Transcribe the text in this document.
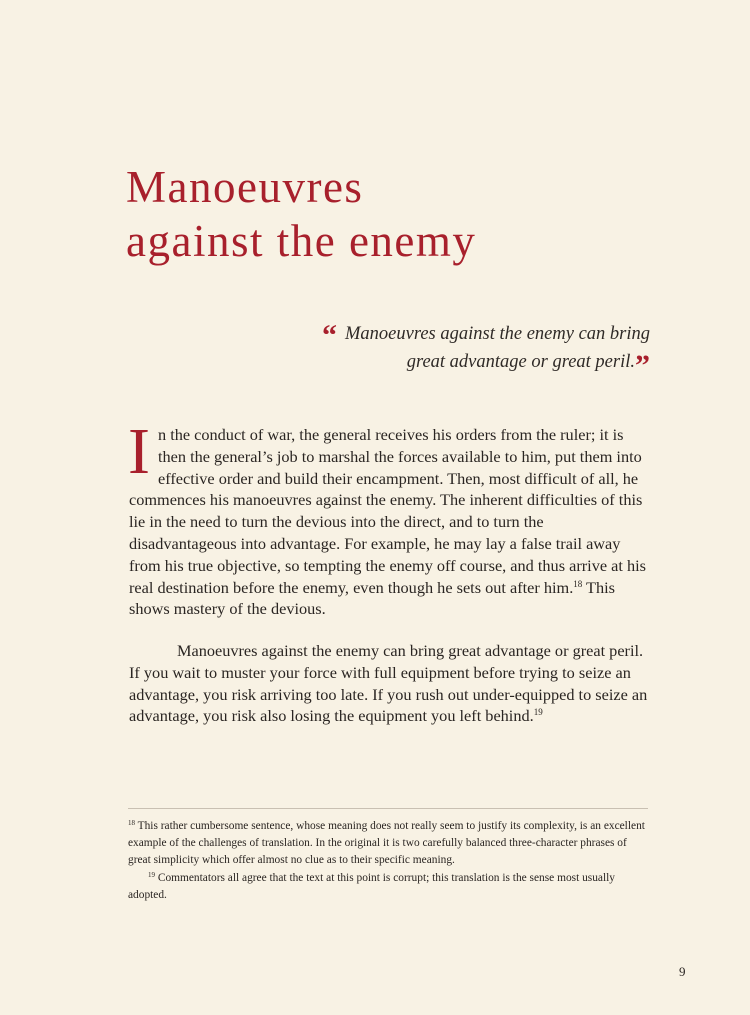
Manoeuvres
against the enemy

“ Manoeuvres against the enemy can bring great advantage or great peril.”

In the conduct of war, the general receives his orders from the ruler; it is then the general’s job to marshal the forces available to him, put them into effective order and build their encampment. Then, most difficult of all, he commences his manoeuvres against the enemy. The inherent difficulties of this lie in the need to turn the devious into the direct, and to turn the disadvantageous into advantage. For example, he may lay a false trail away from his true objective, so tempting the enemy off course, and thus arrive at his real destination before the enemy, even though he sets out after him.$^{18}$ This shows mastery of the devious.

Manoeuvres against the enemy can bring great advantage or great peril. If you wait to muster your force with full equipment before trying to seize an advantage, you risk arriving too late. If you rush out under-equipped to seize an advantage, you risk also losing the equipment you left behind.$^{19}$

$^{18}$ This rather cumbersome sentence, whose meaning does not really seem to justify its complexity, is an excellent example of the challenges of translation. In the original it is two carefully balanced three-character phrases of great simplicity which offer almost no clue as to their specific meaning.

$^{19}$ Commentators all agree that the text at this point is corrupt; this translation is the sense most usually adopted.

9
